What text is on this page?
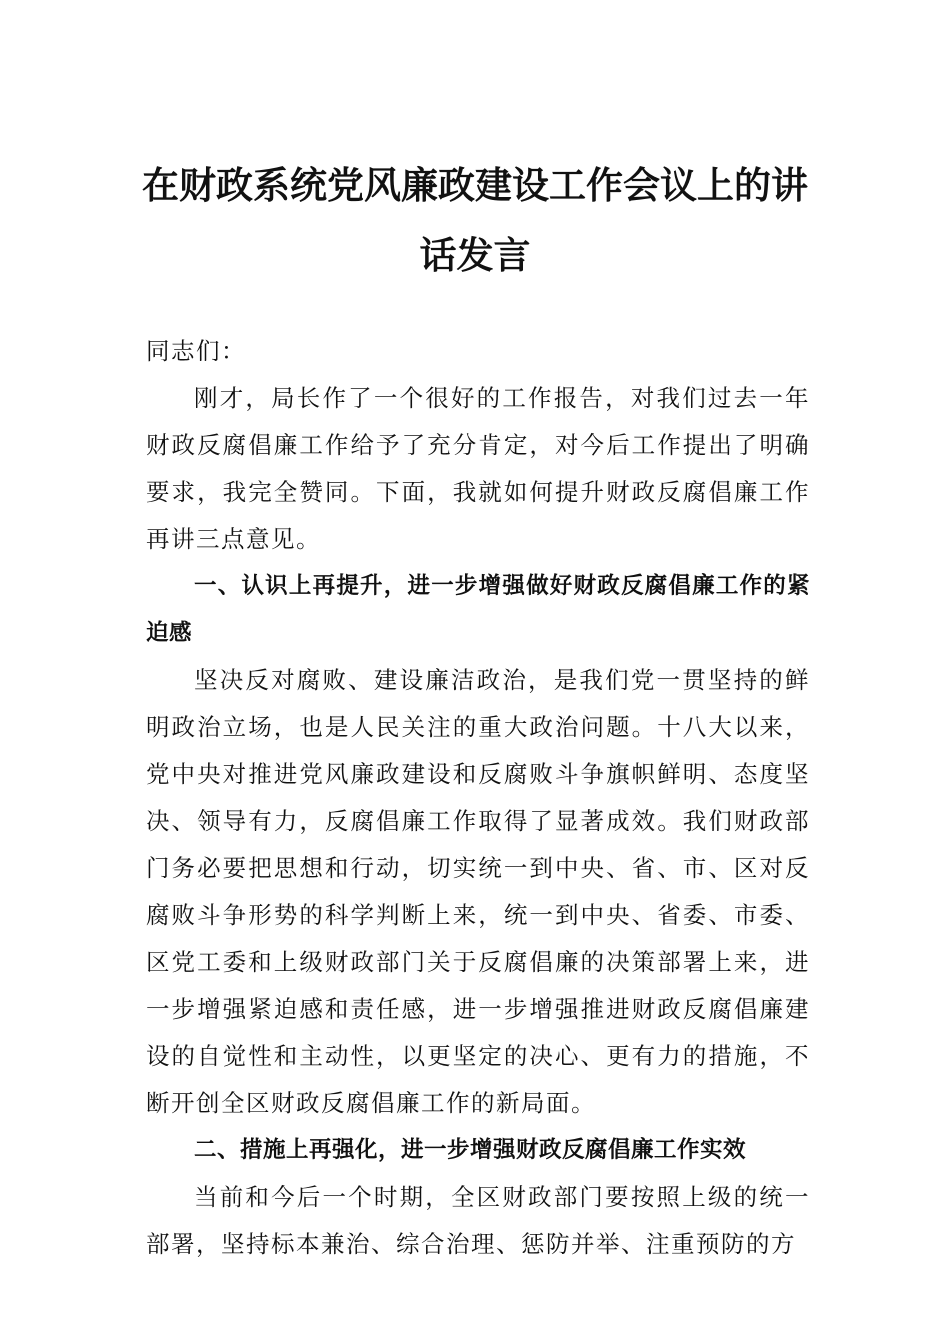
在财政系统党风廉政建设工作会议上的讲
话发言

同志们：

刚才，局长作了一个很好的工作报告，对我们过去一年财政反腐倡廉工作给予了充分肯定，对今后工作提出了明确要求，我完全赞同。下面，我就如何提升财政反腐倡廉工作再讲三点意见。

一、认识上再提升，进一步增强做好财政反腐倡廉工作的紧迫感

坚决反对腐败、建设廉洁政治，是我们党一贯坚持的鲜明政治立场，也是人民关注的重大政治问题。十八大以来，党中央对推进党风廉政建设和反腐败斗争旗帜鲜明、态度坚决、领导有力，反腐倡廉工作取得了显著成效。我们财政部门务必要把思想和行动，切实统一到中央、省、市、区对反腐败斗争形势的科学判断上来，统一到中央、省委、市委、区党工委和上级财政部门关于反腐倡廉的决策部署上来，进一步增强紧迫感和责任感，进一步增强推进财政反腐倡廉建设的自觉性和主动性，以更坚定的决心、更有力的措施，不断开创全区财政反腐倡廉工作的新局面。

二、措施上再强化，进一步增强财政反腐倡廉工作实效

当前和今后一个时期，全区财政部门要按照上级的统一部署，坚持标本兼治、综合治理、惩防并举、注重预防的方
